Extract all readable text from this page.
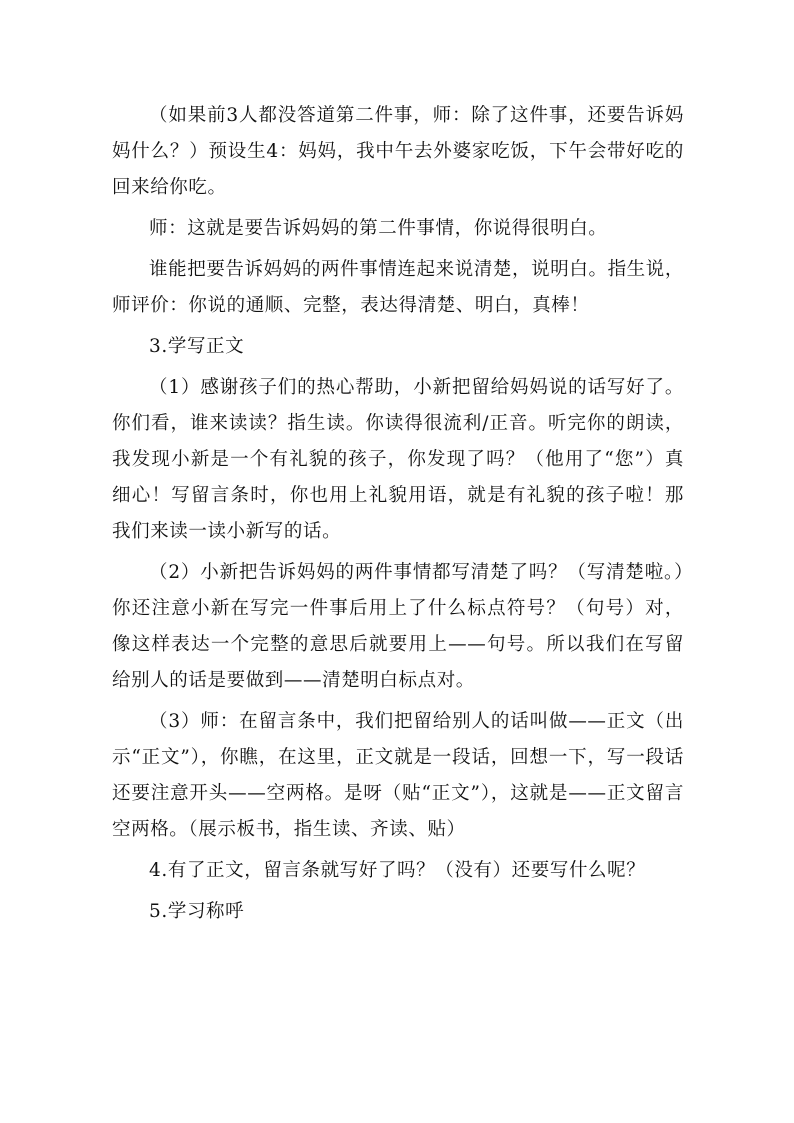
（如果前3人都没答道第二件事，师：除了这件事，还要告诉妈妈什么？）预设生4：妈妈，我中午去外婆家吃饭，下午会带好吃的回来给你吃。

师：这就是要告诉妈妈的第二件事情，你说得很明白。

谁能把要告诉妈妈的两件事情连起来说清楚，说明白。指生说，师评价：你说的通顺、完整，表达得清楚、明白，真棒！

3.学写正文

（1）感谢孩子们的热心帮助，小新把留给妈妈说的话写好了。你们看，谁来读读？指生读。你读得很流利/正音。听完你的朗读，我发现小新是一个有礼貌的孩子，你发现了吗？（他用了“您”）真细心！写留言条时，你也用上礼貌用语，就是有礼貌的孩子啦！那我们来读一读小新写的话。

（2）小新把告诉妈妈的两件事情都写清楚了吗？（写清楚啦。）你还注意小新在写完一件事后用上了什么标点符号？（句号）对，像这样表达一个完整的意思后就要用上——句号。所以我们在写留给别人的话是要做到——清楚明白标点对。

（3）师：在留言条中，我们把留给别人的话叫做——正文（出示“正文”），你瞧，在这里，正文就是一段话，回想一下，写一段话还要注意开头——空两格。是呀（贴“正文”），这就是——正文留言空两格。（展示板书，指生读、齐读、贴）

4.有了正文，留言条就写好了吗？（没有）还要写什么呢？

5.学习称呼
